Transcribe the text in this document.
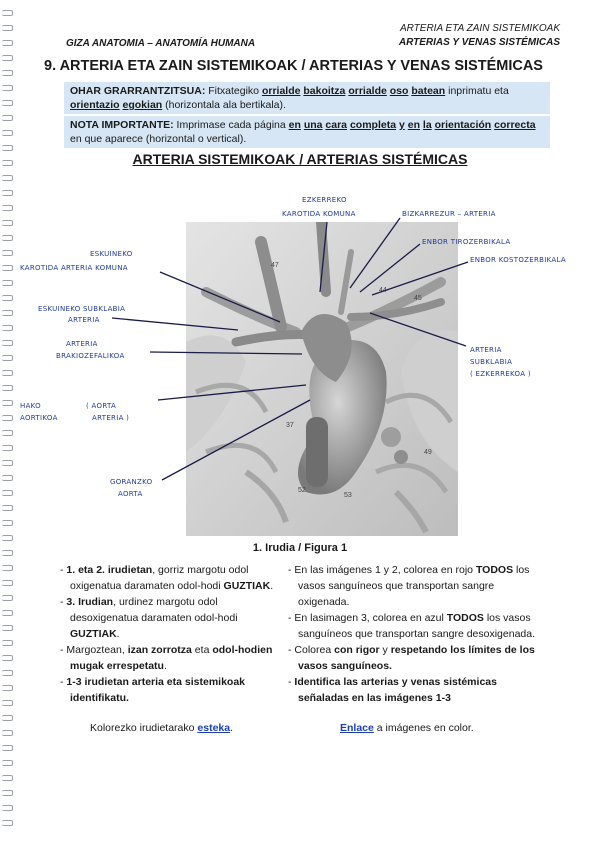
GIZA ANATOMIA – ANATOMÍA HUMANA
ARTERIA ETA ZAIN SISTEMIKOAK
ARTERIAS Y VENAS SISTÉMICAS
9. ARTERIA ETA ZAIN SISTEMIKOAK / ARTERIAS Y VENAS SISTÉMICAS
OHAR GRARRANTZITSUA: Fitxategiko orrialde bakoitza orrialde oso batean inprimatu eta orientazio egokian (horizontala ala bertikala).
NOTA IMPORTANTE: Imprimase cada página en una cara completa y en la orientación correcta en que aparece (horizontal o vertical).
ARTERIA SISTEMIKOAK / ARTERIAS SISTÉMICAS
47
44
45
37
52
53
49
EZKERREKO
KAROTIDA KOMUNA	BIZKARREZUR – ARTERIA
ENBOR TIROZERBIKALA
ENBOR KOSTOZERBIKALA
ESKUINEKO
KAROTIDA ARTERIA KOMUNA
ESKUINEKO SUBKLABIA
ARTERIA
ARTERIA
BRAKIOZEFALIKOA
ARTERIA
SUBKLABIA
( EZKERREKOA )
HAKO
AORTIKOA
( AORTA
ARTERIA )
GORANZKO
AORTA
1. Irudia / Figura 1

- 1. eta 2. irudietan, gorriz margotu odol oxigenatua daramaten odol-hodi GUZTIAK.

- 3. Irudian, urdinez margotu odol desoxigenatua daramaten odol-hodi GUZTIAK.

- Margoztean, izan zorrotza eta odol-hodien mugak errespetatu.

- 1-3 irudietan arteria eta sistemikoak identifikatu.

Kolorezko irudietarako esteka.

- En las imágenes 1 y 2, colorea en rojo TODOS los vasos sanguíneos que transportan sangre oxigenada.

- En lasimagen 3, colorea en azul TODOS los vasos sanguíneos que transportan sangre desoxigenada.

- Colorea con rigor y respetando los límites de los vasos sanguíneos.

- Identifica las arterias y venas sistémicas señaladas en las imágenes 1-3

Enlace a imágenes en color.
